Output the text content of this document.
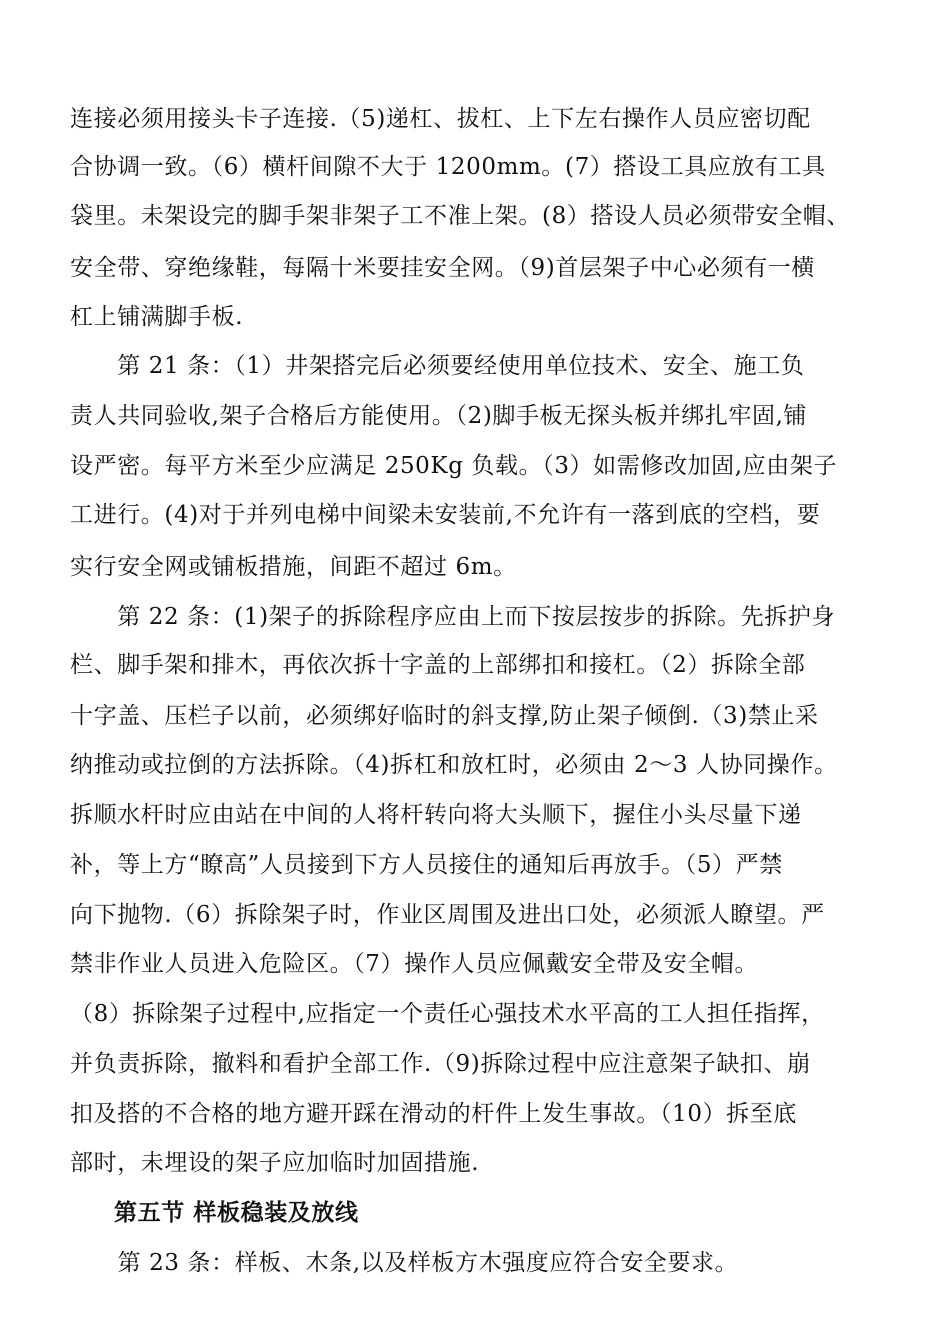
连接必须用接头卡子连接.（5)递杠、拔杠、上下左右操作人员应密切配
合协调一致。（6）横杆间隙不大于 1200mm。(7）搭设工具应放有工具
袋里。未架设完的脚手架非架子工不准上架。(8）搭设人员必须带安全帽、
安全带、穿绝缘鞋，每隔十米要挂安全网。（9)首层架子中心必须有一横
杠上铺满脚手板.
　　第 21 条：（1）井架搭完后必须要经使用单位技术、安全、施工负
责人共同验收,架子合格后方能使用。（2)脚手板无探头板并绑扎牢固,铺
设严密。每平方米至少应满足 250Kg 负载。（3）如需修改加固,应由架子
工进行。(4)对于并列电梯中间梁未安装前,不允许有一落到底的空档，要
实行安全网或铺板措施，间距不超过 6m。
　　第 22 条：(1)架子的拆除程序应由上而下按层按步的拆除。先拆护身
栏、脚手架和排木，再依次拆十字盖的上部绑扣和接杠。（2）拆除全部
十字盖、压栏子以前，必须绑好临时的斜支撑,防止架子倾倒.（3)禁止采
纳推动或拉倒的方法拆除。（4)拆杠和放杠时，必须由 2～3 人协同操作。
拆顺水杆时应由站在中间的人将杆转向将大头顺下，握住小头尽量下递
补，等上方“瞭高”人员接到下方人员接住的通知后再放手。（5）严禁
向下抛物.（6）拆除架子时，作业区周围及进出口处，必须派人瞭望。严
禁非作业人员进入危险区。（7）操作人员应佩戴安全带及安全帽。
（8）拆除架子过程中,应指定一个责任心强技术水平高的工人担任指挥，
并负责拆除，撤料和看护全部工作.（9)拆除过程中应注意架子缺扣、崩
扣及搭的不合格的地方避开踩在滑动的杆件上发生事故。（10）拆至底
部时，未埋设的架子应加临时加固措施.
第五节 样板稳装及放线
　第 23 条：样板、木条,以及样板方木强度应符合安全要求。
